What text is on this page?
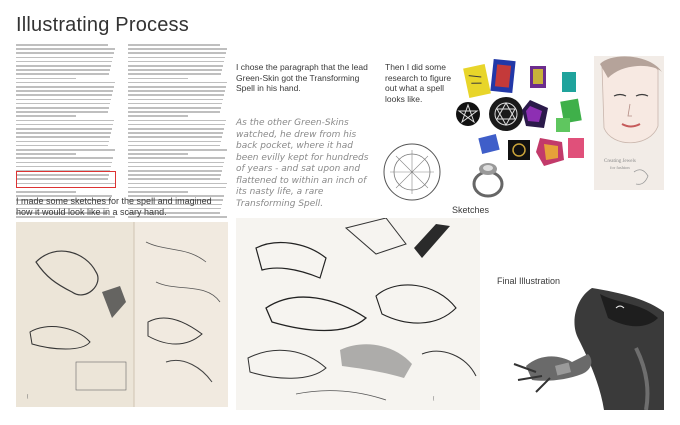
Illustrating Process
I chose the paragraph that the lead Green-Skin got the Transforming Spell in his hand.
As the other Green-Skins watched, he drew from his back pocket, where it had been evilly kept for hundreds of years - and sat upon and flattened to within an inch of its nasty life, a rare Transforming Spell.
Then I did some research to figure out what a spell looks like.
Creating Jewels
for fashion
I made some sketches for the spell and imagined how it would look like in a scary hand.	Sketches
(	(
Final Illustration
